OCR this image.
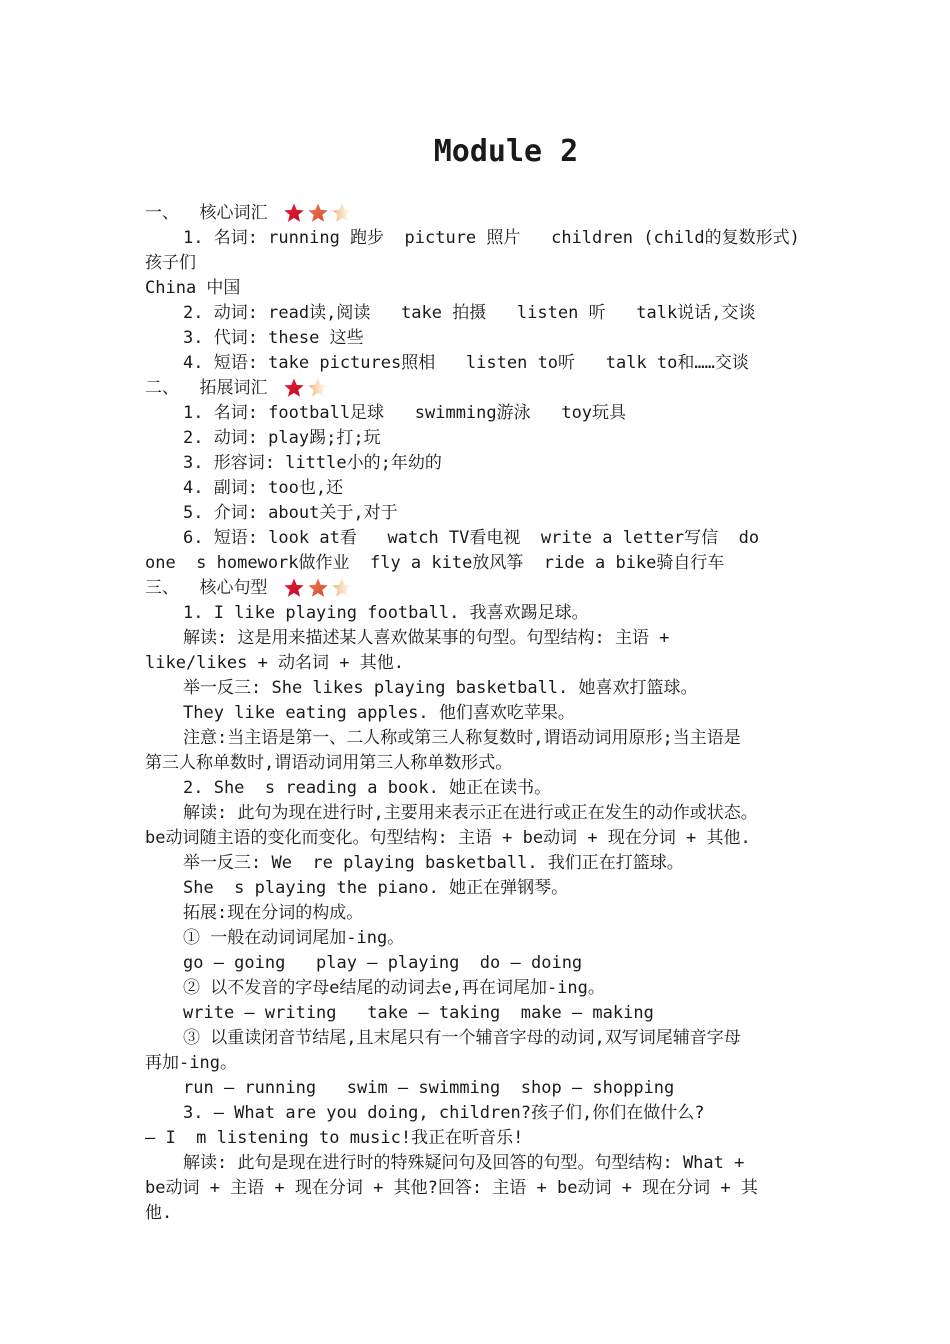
Module 2
一、  核心词汇
1. 名词: running 跑步  picture 照片   children (child的复数形式)
孩子们
China 中国
2. 动词: read读,阅读   take 拍摄   listen 听   talk说话,交谈
3. 代词: these 这些
4. 短语: take pictures照相   listen to听   talk to和……交谈
二、  拓展词汇
1. 名词: football足球   swimming游泳   toy玩具
2. 动词: play踢;打;玩
3. 形容词: little小的;年幼的
4. 副词: too也,还
5. 介词: about关于,对于
6. 短语: look at看   watch TV看电视  write a letter写信  do
one  s homework做作业  fly a kite放风筝  ride a bike骑自行车
三、  核心句型
1. I like playing football. 我喜欢踢足球。
解读: 这是用来描述某人喜欢做某事的句型。句型结构: 主语 +
like/likes + 动名词 + 其他.
举一反三: She likes playing basketball. 她喜欢打篮球。
They like eating apples. 他们喜欢吃苹果。
注意:当主语是第一、二人称或第三人称复数时,谓语动词用原形;当主语是
第三人称单数时,谓语动词用第三人称单数形式。
2. She  s reading a book. 她正在读书。
解读: 此句为现在进行时,主要用来表示正在进行或正在发生的动作或状态。
be动词随主语的变化而变化。句型结构: 主语 + be动词 + 现在分词 + 其他.
举一反三: We  re playing basketball. 我们正在打篮球。
She  s playing the piano. 她正在弹钢琴。
拓展:现在分词的构成。
① 一般在动词词尾加-ing。
go — going   play — playing  do — doing
② 以不发音的字母e结尾的动词去e,再在词尾加-ing。
write — writing   take — taking  make — making
③ 以重读闭音节结尾,且末尾只有一个辅音字母的动词,双写词尾辅音字母
再加-ing。
run — running   swim — swimming  shop — shopping
3. — What are you doing, children?孩子们,你们在做什么?
— I  m listening to music!我正在听音乐!
解读: 此句是现在进行时的特殊疑问句及回答的句型。句型结构: What +
be动词 + 主语 + 现在分词 + 其他?回答: 主语 + be动词 + 现在分词 + 其
他.
